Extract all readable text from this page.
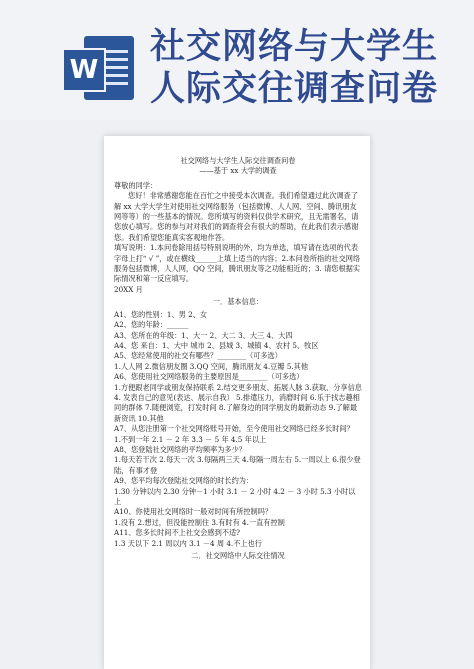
W
社交网络与大学生
人际交往调查问卷

社交网络与大学生人际交往调查问卷

——基于 xx 大学的调查

尊敬的同学：

您好！非常感谢您能在百忙之中接受本次调查。我们希望通过此次调查了解 xx 大学大学生对使用社交网络服务（包括微博、人人网、空间、腾讯朋友网等等）的一些基本的情况。您所填写的资料仅供学术研究，且无需署名，请您放心填写。您的参与对对我们的调查将会有很大的帮助，在此我们表示感谢您。我们希望您能真实客观地作答。

填写说明：1.本问卷除用括号特别说明的外，均为单选，填写请在选项的代表字母上打“ √ ”，或在横线______上填上适当的内容；2.本问卷所指的社交网络服务包括微博，人人网，QQ 空间，腾讯朋友等之功能相近的；3. 请您根据实际情况和第一反应填写。

20XX 月

一．基本信息：

A1、您的性别：1、男 2、女

A2、您的年龄：______

A3、您所在的年级：1、大一 2、大二 3、大三 4、大四

A4、您 来自：1、大中 城市 2、县城 3、城镇 4、农村 5、牧区

A5、您经常使用的社交有哪些？________（可多选）

1.人人网 2.微信朋友圈 3.QQ 空间，腾讯朋友 4.豆瓣 5.其他

A6、您使用社交网络服务的主要原因是________（可多选）

1.方便跟老同学或朋友保持联系 2.结交更多朋友、拓展人脉 3.获取、分享信息 4. 发表自己的意见(表达、展示自我） 5.排遣压力，消磨时间 6.乐于找志趣相同的群体 7.随便浏览，打发时间 8.了解身边的同学朋友的最新动态 9.了解最新资讯 10.其他

A7、从您注册第一个社交网络账号开始，至今使用社交网络已经多长时间？

1.不到一年 2.1 － 2 年 3.3 － 5 年 4.5 年以上

A8、您登陆社交网络的平均频率为多少？

1.每天若干次 2.每天一次 3.每隔两三天 4.每隔一周左右 5.一周以上 6.很少登陆，有事才登

A9、您平均每次登陆社交网络的时长约为：

1.30 分钟以内 2.30 分钟－1 小时 3.1 － 2 小时 4.2 － 3 小时 5.3 小时以上

A10、你使用社交网络时一般对时间有所控制吗？

1.没有 2.想过，但没能控制住 3.有时有 4.一直有控制

A11、您多长时间不上社交会感到不适?

1.3 天以下 2.1 周以内 3.1 －4 周 4.不上也行

二．社交网络中人际交往情况
